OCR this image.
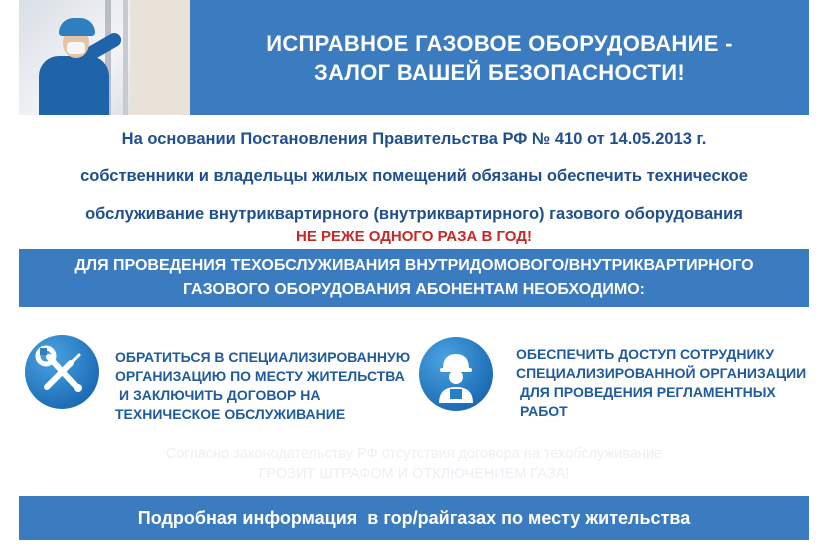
ИСПРАВНОЕ ГАЗОВОЕ ОБОРУДОВАНИЕ -
ЗАЛОГ ВАШЕЙ БЕЗОПАСНОСТИ!
На основании Постановления Правительства РФ № 410 от 14.05.2013 г.
собственники и владельцы жилых помещений обязаны обеспечить техническое
обслуживание внутриквартирного (внутриквартирного) газового оборудования
НЕ РЕЖЕ ОДНОГО РАЗА В ГОД!
ДЛЯ ПРОВЕДЕНИЯ ТЕХОБСЛУЖИВАНИЯ ВНУТРИДОМОВОГО/ВНУТРИКВАРТИРНОГО
ГАЗОВОГО ОБОРУДОВАНИЯ АБОНЕНТАМ НЕОБХОДИМО:
ОБРАТИТЬСЯ В СПЕЦИАЛИЗИРОВАННУЮ
ОРГАНИЗАЦИЮ ПО МЕСТУ ЖИТЕЛЬСТВА
И ЗАКЛЮЧИТЬ ДОГОВОР НА
ТЕХНИЧЕСКОЕ ОБСЛУЖИВАНИЕ
ОБЕСПЕЧИТЬ ДОСТУП СОТРУДНИКУ
СПЕЦИАЛИЗИРОВАННОЙ ОРГАНИЗАЦИИ
ДЛЯ ПРОВЕДЕНИЯ РЕГЛАМЕНТНЫХ
РАБОТ
Согласно законодательству РФ отсутствия договора на техобслуживание
ГРОЗИТ ШТРАФОМ И ОТКЛЮЧЕНИЕМ ГАЗА!
Подробная информация  в гор/райгазах по месту жительства
